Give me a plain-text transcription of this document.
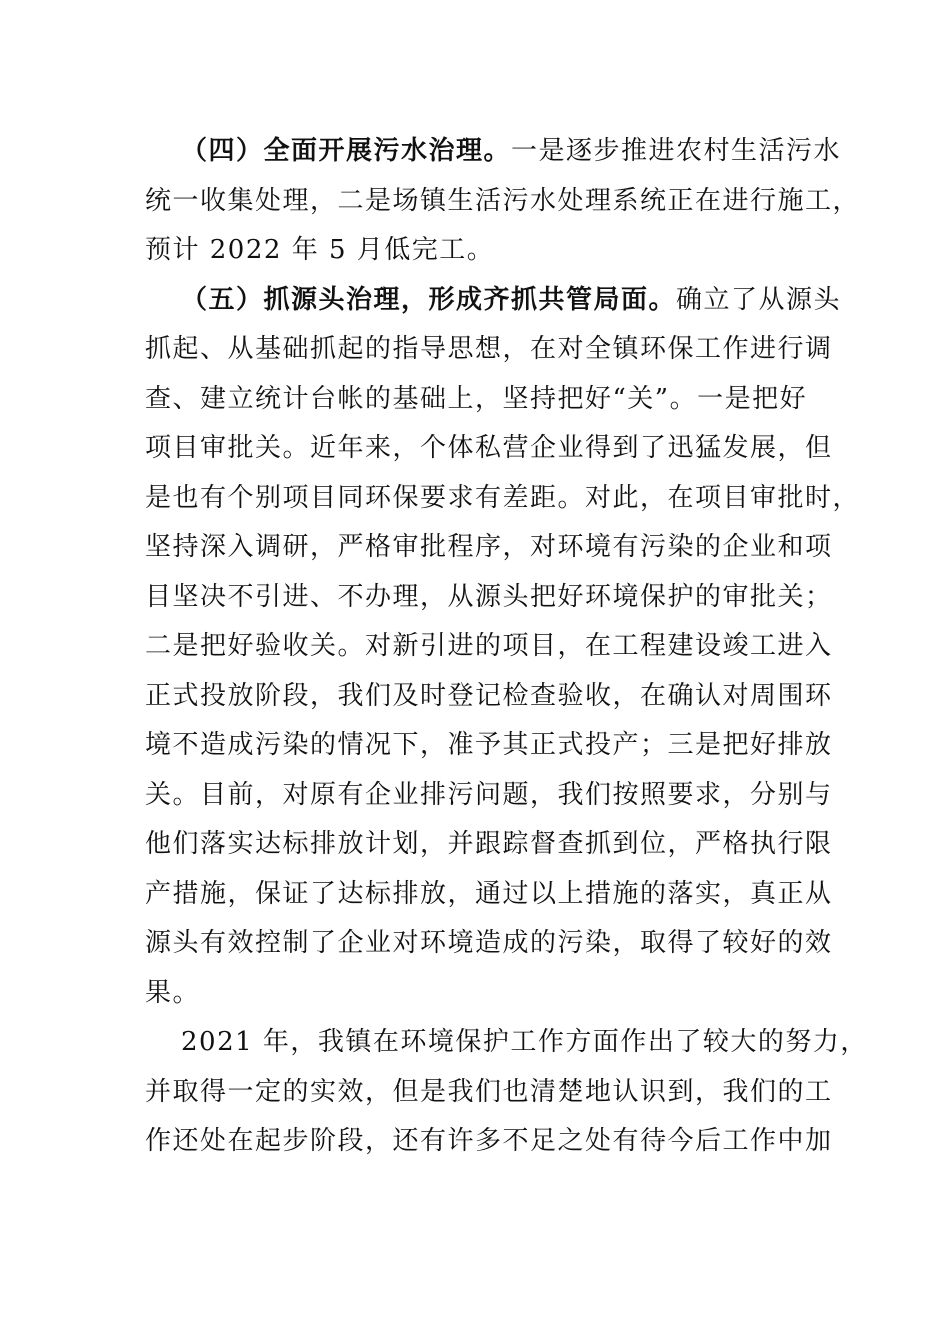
（四）全面开展污水治理。一是逐步推进农村生活污水
统一收集处理，二是场镇生活污水处理系统正在进行施工，
预计 2022 年 5 月低完工。
（五）抓源头治理，形成齐抓共管局面。确立了从源头
抓起、从基础抓起的指导思想，在对全镇环保工作进行调
查、建立统计台帐的基础上，坚持把好“关”。一是把好
项目审批关。近年来，个体私营企业得到了迅猛发展，但
是也有个别项目同环保要求有差距。对此，在项目审批时，
坚持深入调研，严格审批程序，对环境有污染的企业和项
目坚决不引进、不办理，从源头把好环境保护的审批关；
二是把好验收关。对新引进的项目，在工程建设竣工进入
正式投放阶段，我们及时登记检查验收，在确认对周围环
境不造成污染的情况下，准予其正式投产；三是把好排放
关。目前，对原有企业排污问题，我们按照要求，分别与
他们落实达标排放计划，并跟踪督查抓到位，严格执行限
产措施，保证了达标排放，通过以上措施的落实，真正从
源头有效控制了企业对环境造成的污染，取得了较好的效
果。
2021 年，我镇在环境保护工作方面作出了较大的努力，
并取得一定的实效，但是我们也清楚地认识到，我们的工
作还处在起步阶段，还有许多不足之处有待今后工作中加
